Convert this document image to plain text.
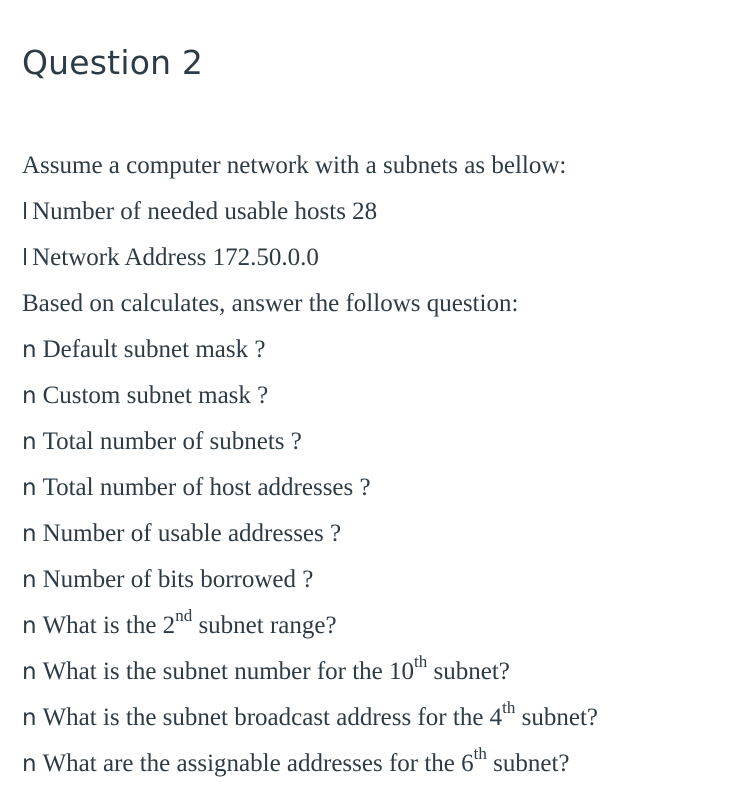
Question 2
Assume a computer network with a subnets as bellow:
l Number of needed usable hosts 28
l Network Address 172.50.0.0
Based on calculates, answer the follows question:
n Default subnet mask ?
n Custom subnet mask ?
n Total number of subnets ?
n Total number of host addresses ?
n Number of usable addresses ?
n Number of bits borrowed ?
n What is the 2nd subnet range?
n What is the subnet number for the 10th subnet?
n What is the subnet broadcast address for the 4th subnet?
n What are the assignable addresses for the 6th subnet?
